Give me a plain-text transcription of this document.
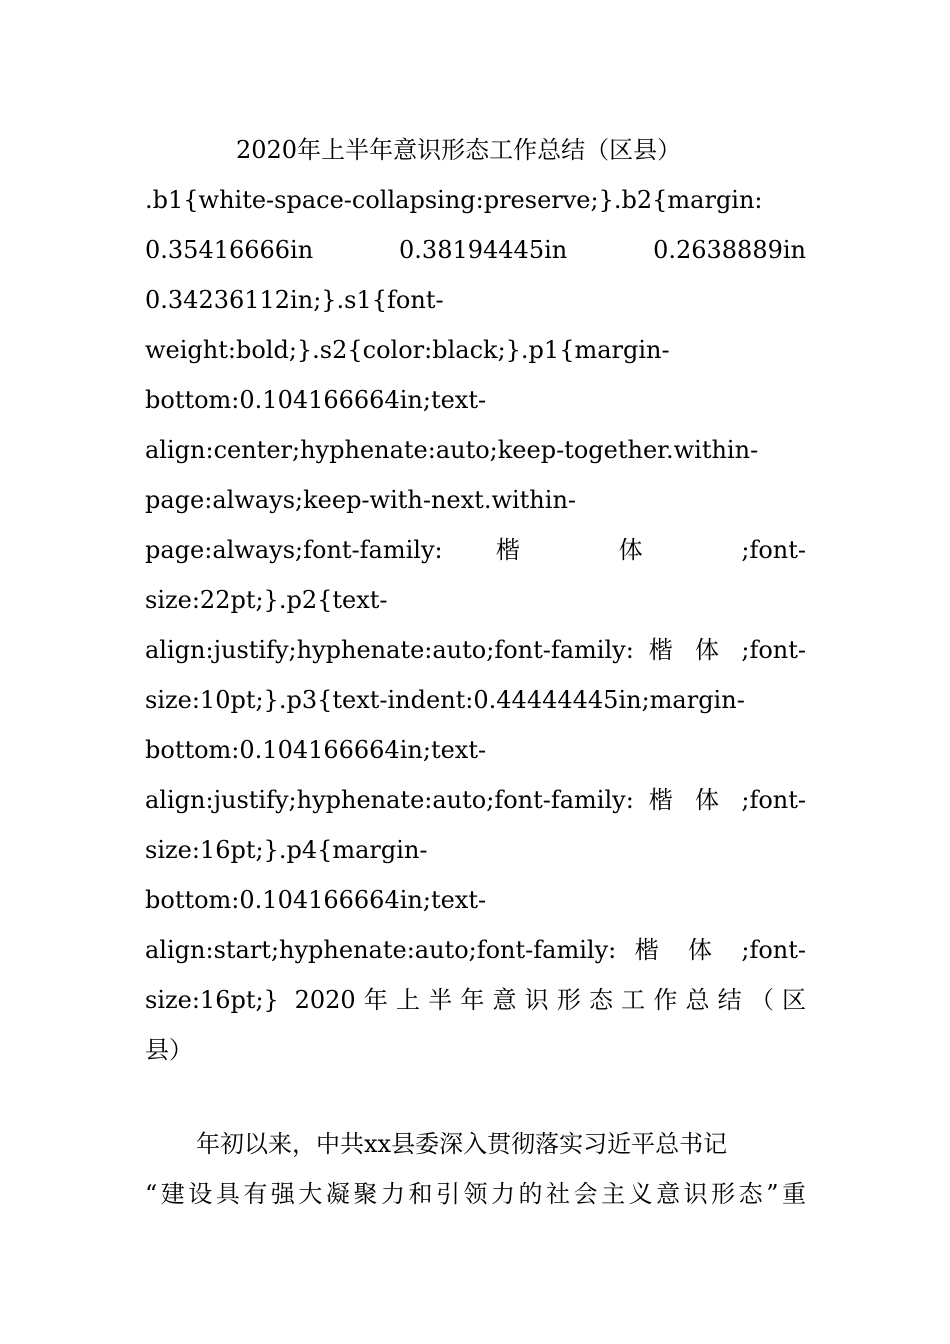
2020年上半年意识形态工作总结（区县）
.b1{white-space-collapsing:preserve;}.b2{margin:
0.35416666in 0.38194445in 0.2638889in
0.34236112in;}.s1{font-
weight:bold;}.s2{color:black;}.p1{margin-
bottom:0.104166664in;text-
align:center;hyphenate:auto;keep-together.within-
page:always;keep-with-next.within-
page:always;font-family: 楷 体 ;font-
size:22pt;}.p2{text-
align:justify;hyphenate:auto;font-family: 楷 体 ;font-
size:10pt;}.p3{text-indent:0.44444445in;margin-
bottom:0.104166664in;text-
align:justify;hyphenate:auto;font-family: 楷 体 ;font-
size:16pt;}.p4{margin-
bottom:0.104166664in;text-
align:start;hyphenate:auto;font-family: 楷 体 ;font-
size:16pt;} 2020年上半年意识形态工作总结（区
县）
年初以来，中共xx县委深入贯彻落实习近平总书记
“建设具有强大凝聚力和引领力的社会主义意识形态”重
